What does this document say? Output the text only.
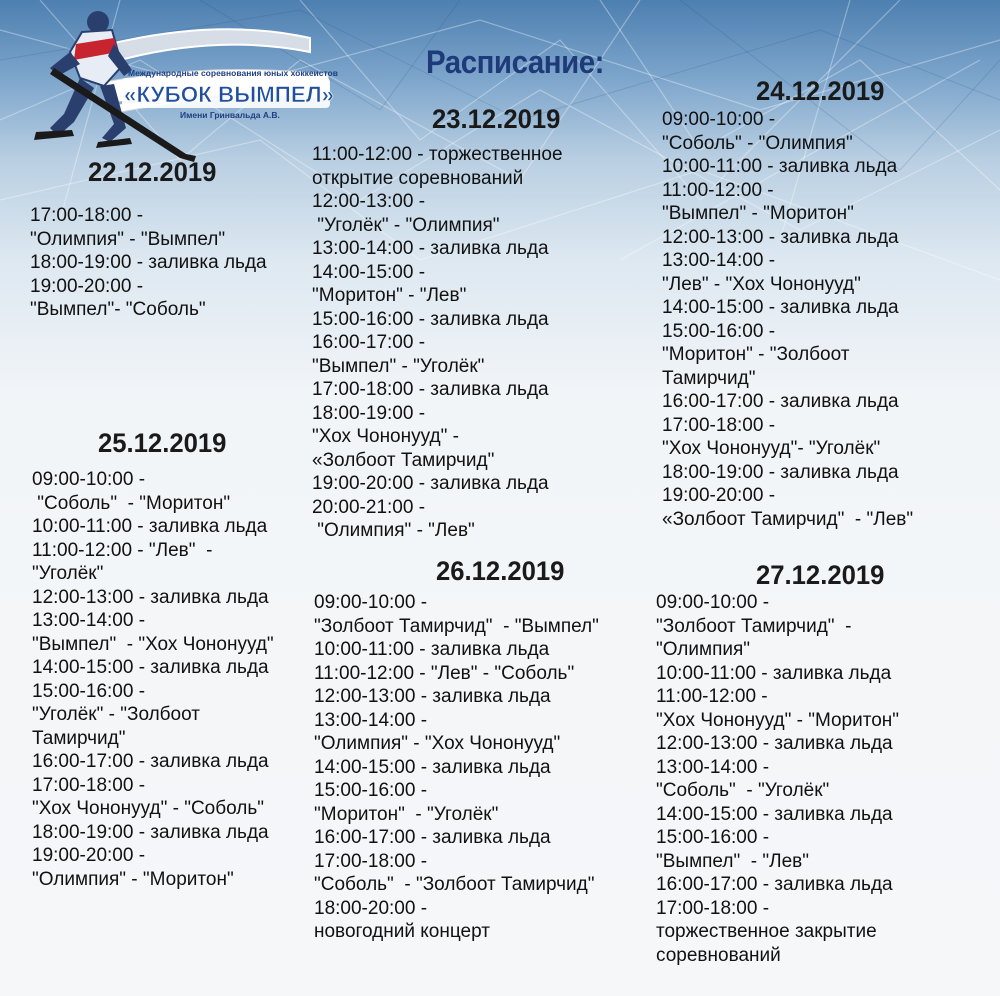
Международные соревнования юных хоккеистов
«КУБОК ВЫМПЕЛ»
Имени Гринвальда А.В.
Расписание:
22.12.2019
17:00-18:00 -
"Олимпия" - "Вымпел"
18:00-19:00 - заливка льда
19:00-20:00 -
"Вымпел"- "Соболь"
23.12.2019
11:00-12:00 - торжественное
открытие соревнований
12:00-13:00 -
"Уголёк" - "Олимпия"
13:00-14:00 - заливка льда
14:00-15:00 -
"Моритон" - "Лев"
15:00-16:00 - заливка льда
16:00-17:00 -
"Вымпел" - "Уголёк"
17:00-18:00 - заливка льда
18:00-19:00 -
"Хох Чононууд" -
«Золбоот Тамирчид"
19:00-20:00 - заливка льда
20:00-21:00 -
"Олимпия" - "Лев"
24.12.2019
09:00-10:00 -
"Соболь" - "Олимпия"
10:00-11:00 - заливка льда
11:00-12:00 -
"Вымпел" - "Моритон"
12:00-13:00 - заливка льда
13:00-14:00 -
"Лев" - "Хох Чононууд"
14:00-15:00 - заливка льда
15:00-16:00 -
"Моритон" - "Золбоот
Тамирчид"
16:00-17:00 - заливка льда
17:00-18:00 -
"Хох Чононууд"- "Уголёк"
18:00-19:00 - заливка льда
19:00-20:00 -
«Золбоот Тамирчид"  - "Лев"
25.12.2019
09:00-10:00 -
"Соболь"  - "Моритон"
10:00-11:00 - заливка льда
11:00-12:00 - "Лев"  -
"Уголёк"
12:00-13:00 - заливка льда
13:00-14:00 -
"Вымпел"  - "Хох Чононууд"
14:00-15:00 - заливка льда
15:00-16:00 -
"Уголёк" - "Золбоот
Тамирчид"
16:00-17:00 - заливка льда
17:00-18:00 -
"Хох Чононууд" - "Соболь"
18:00-19:00 - заливка льда
19:00-20:00 -
"Олимпия" - "Моритон"
26.12.2019
09:00-10:00 -
"Золбоот Тамирчид"  - "Вымпел"
10:00-11:00 - заливка льда
11:00-12:00 - "Лев" - "Соболь"
12:00-13:00 - заливка льда
13:00-14:00 -
"Олимпия" - "Хох Чононууд"
14:00-15:00 - заливка льда
15:00-16:00 -
"Моритон"  - "Уголёк"
16:00-17:00 - заливка льда
17:00-18:00 -
"Соболь"  - "Золбоот Тамирчид"
18:00-20:00 -
новогодний концерт
27.12.2019
09:00-10:00 -
"Золбоот Тамирчид"  -
"Олимпия"
10:00-11:00 - заливка льда
11:00-12:00 -
"Хох Чононууд" - "Моритон"
12:00-13:00 - заливка льда
13:00-14:00 -
"Соболь"  - "Уголёк"
14:00-15:00 - заливка льда
15:00-16:00 -
"Вымпел"  - "Лев"
16:00-17:00 - заливка льда
17:00-18:00 -
торжественное закрытие
соревнований
